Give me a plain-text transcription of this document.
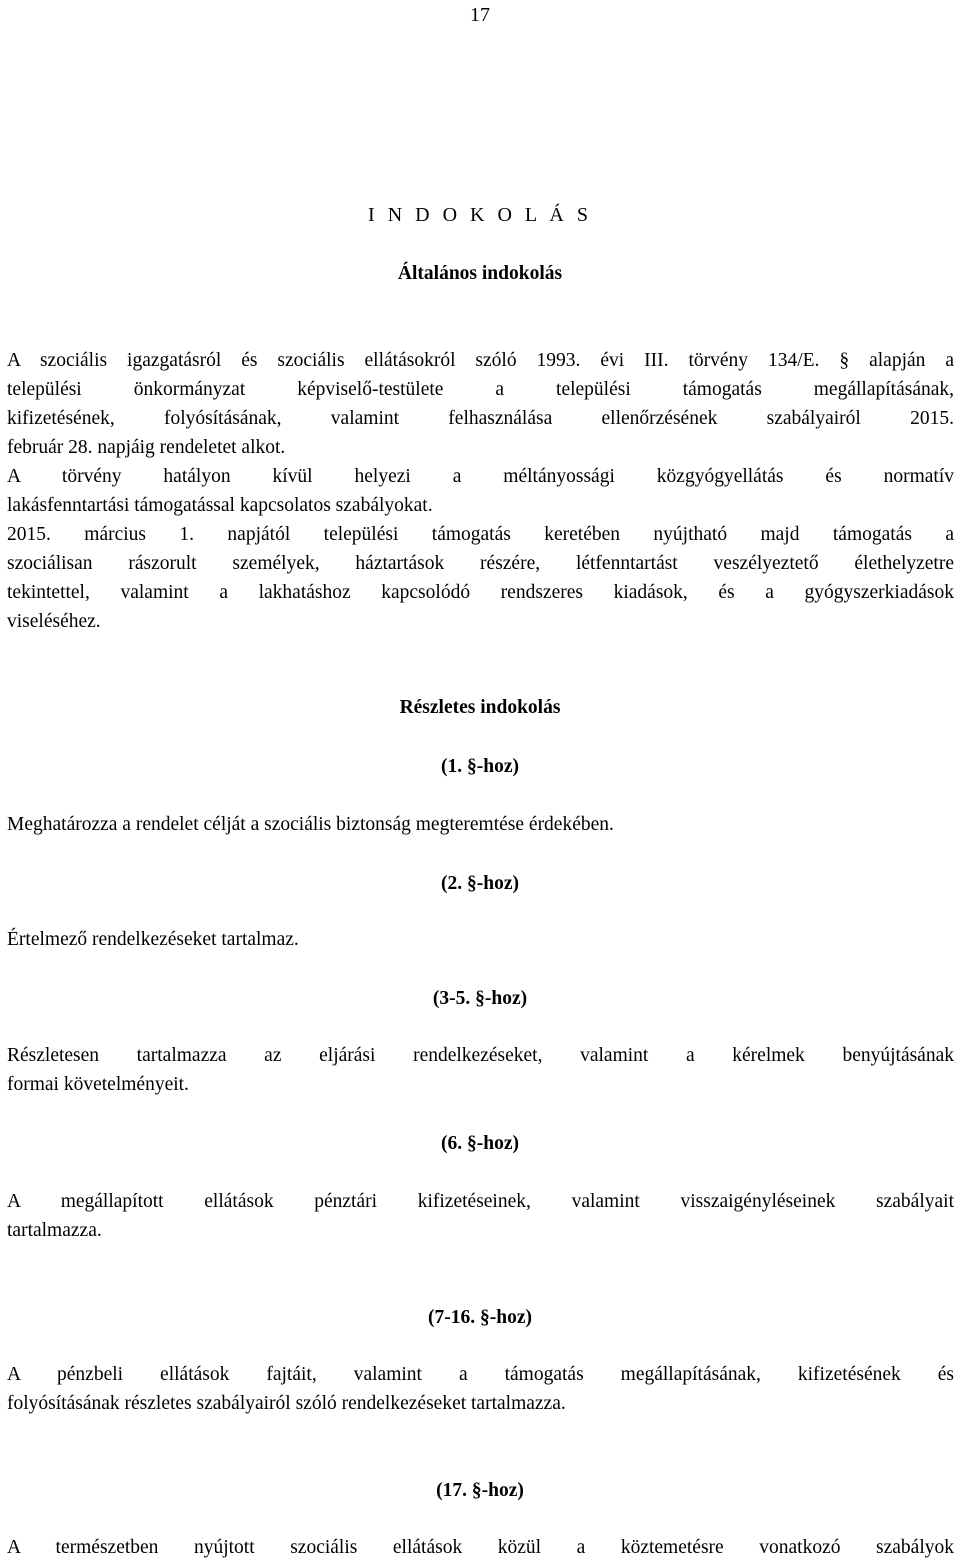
17
I N D O K O L Á S
Általános indokolás
A szociális igazgatásról és szociális ellátásokról szóló 1993. évi III. törvény 134/E. § alapján a
települési önkormányzat képviselő-testülete a települési támogatás megállapításának,
kifizetésének, folyósításának, valamint felhasználása ellenőrzésének szabályairól 2015.
február 28. napjáig rendeletet alkot.
A törvény hatályon kívül helyezi a méltányossági közgyógyellátás és normatív
lakásfenntartási támogatással kapcsolatos szabályokat.
2015. március 1. napjától települési támogatás keretében nyújtható majd támogatás a
szociálisan rászorult személyek, háztartások részére, létfenntartást veszélyeztető élethelyzetre
tekintettel, valamint a lakhatáshoz kapcsolódó rendszeres kiadások, és a gyógyszerkiadások
viseléséhez.
Részletes indokolás
(1. §-hoz)
Meghatározza a rendelet célját a szociális biztonság megteremtése érdekében.
(2. §-hoz)
Értelmező rendelkezéseket tartalmaz.
(3-5. §-hoz)
Részletesen tartalmazza az eljárási rendelkezéseket, valamint a kérelmek benyújtásának
formai követelményeit.
(6. §-hoz)
A megállapított ellátások pénztári kifizetéseinek, valamint visszaigényléseinek szabályait
tartalmazza.
(7-16. §-hoz)
A pénzbeli ellátások fajtáit, valamint a támogatás megállapításának, kifizetésének és
folyósításának részletes szabályairól szóló rendelkezéseket tartalmazza.
(17. §-hoz)
A természetben nyújtott szociális ellátások közül a köztemetésre vonatkozó szabályok
